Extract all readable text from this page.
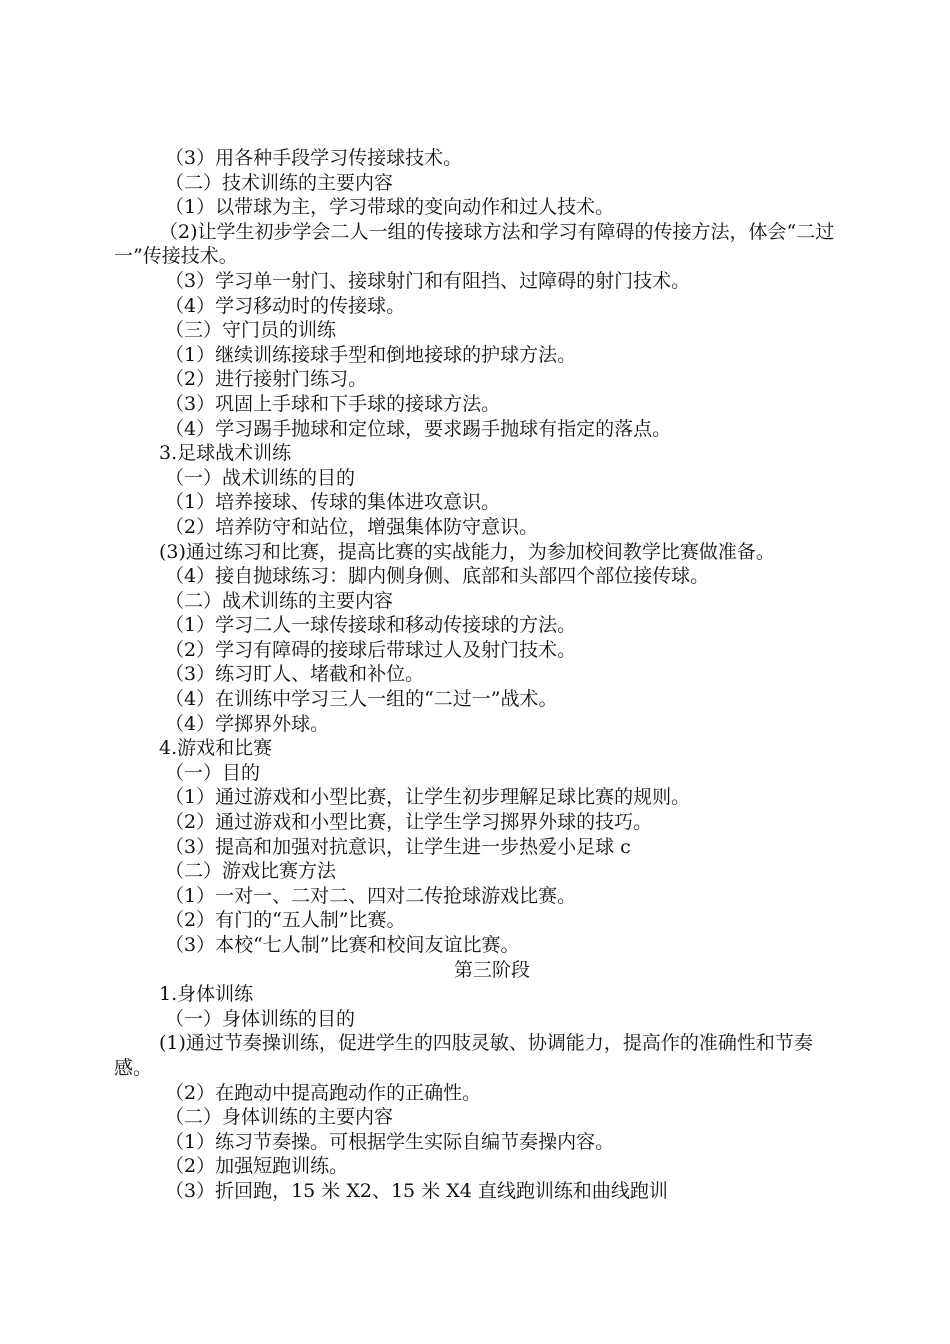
（3）用各种手段学习传接球技术。

（二）技术训练的主要内容

（1）以带球为主，学习带球的变向动作和过人技术。

（2)让学生初步学会二人一组的传接球方法和学习有障碍的传接方法，体会“二过一”传接技术。

（3）学习单一射门、接球射门和有阻挡、过障碍的射门技术。

（4）学习移动时的传接球。

（三）守门员的训练

（1）继续训练接球手型和倒地接球的护球方法。

（2）进行接射门练习。

（3）巩固上手球和下手球的接球方法。

（4）学习踢手抛球和定位球，要求踢手抛球有指定的落点。

3.足球战术训练

（一）战术训练的目的

（1）培养接球、传球的集体进攻意识。

（2）培养防守和站位，增强集体防守意识。

(3)通过练习和比赛，提高比赛的实战能力，为参加校间教学比赛做准备。

（4）接自抛球练习：脚内侧身侧、底部和头部四个部位接传球。

（二）战术训练的主要内容

（1）学习二人一球传接球和移动传接球的方法。

（2）学习有障碍的接球后带球过人及射门技术。

（3）练习盯人、堵截和补位。

（4）在训练中学习三人一组的“二过一”战术。

（4）学掷界外球。

4.游戏和比赛

（一）目的

（1）通过游戏和小型比赛，让学生初步理解足球比赛的规则。

（2）通过游戏和小型比赛，让学生学习掷界外球的技巧。

（3）提高和加强对抗意识，让学生进一步热爱小足球 c

（二）游戏比赛方法

（1）一对一、二对二、四对二传抢球游戏比赛。

（2）有门的“五人制”比赛。

（3）本校“七人制”比赛和校间友谊比赛。

第三阶段

1.身体训练

（一）身体训练的目的

(1)通过节奏操训练，促进学生的四肢灵敏、协调能力，提高作的准确性和节奏感。

（2）在跑动中提高跑动作的正确性。

（二）身体训练的主要内容

（1）练习节奏操。可根据学生实际自编节奏操内容。

（2）加强短跑训练。

（3）折回跑，15 米 X2、15 米 X4 直线跑训练和曲线跑训
